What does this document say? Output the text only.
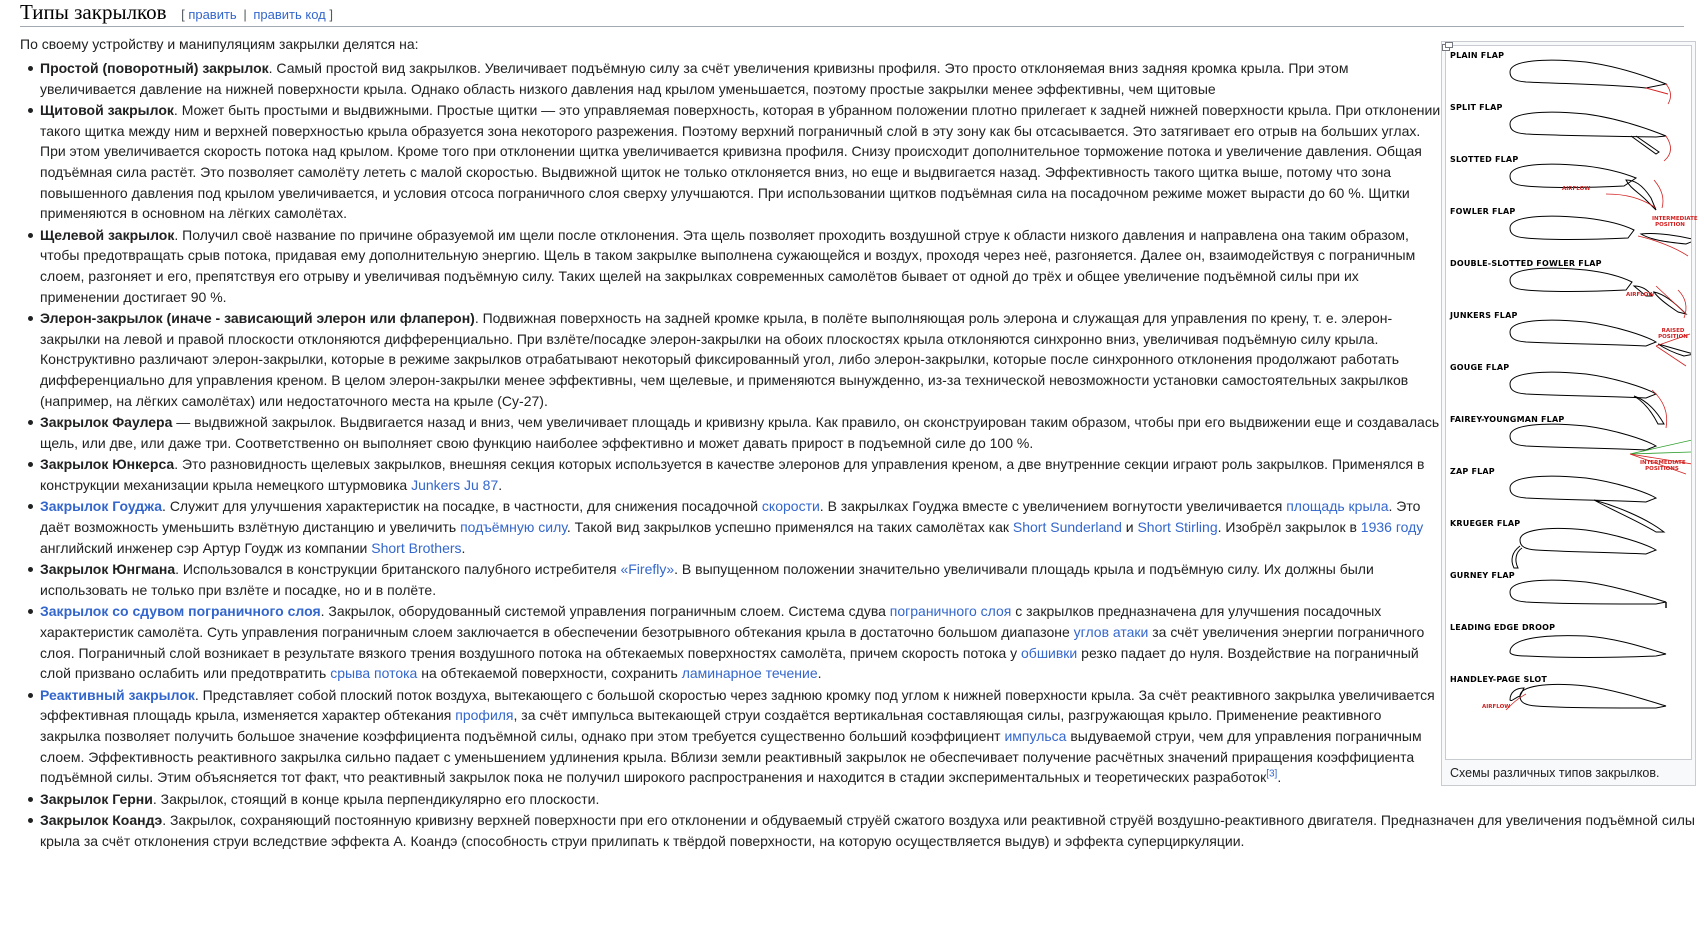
Типы закрылков [ править | править код ]
По своему устройству и манипуляциям закрылки делятся на:
Простой (поворотный) закрылок. Самый простой вид закрылков. Увеличивает подъёмную силу за счёт увеличения кривизны профиля. Это просто отклоняемая вниз задняя кромка крыла. При этом увеличивается давление на нижней поверхности крыла. Однако область низкого давления над крылом уменьшается, поэтому простые закрылки менее эффективны, чем щитовые
Щитовой закрылок. Может быть простыми и выдвижными. Простые щитки — это управляемая поверхность, которая в убранном положении плотно прилегает к задней нижней поверхности крыла. При отклонении такого щитка между ним и верхней поверхностью крыла образуется зона некоторого разрежения. Поэтому верхний пограничный слой в эту зону как бы отсасывается. Это затягивает его отрыв на больших углах. При этом увеличивается скорость потока над крылом. Кроме того при отклонении щитка увеличивается кривизна профиля. Снизу происходит дополнительное торможение потока и увеличение давления. Общая подъёмная сила растёт. Это позволяет самолёту лететь с малой скоростью. Выдвижной щиток не только отклоняется вниз, но еще и выдвигается назад. Эффективность такого щитка выше, потому что зона повышенного давления под крылом увеличивается, и условия отсоса пограничного слоя сверху улучшаются. При использовании щитков подъёмная сила на посадочном режиме может вырасти до 60 %. Щитки применяются в основном на лёгких самолётах.
Щелевой закрылок. Получил своё название по причине образуемой им щели после отклонения. Эта щель позволяет проходить воздушной струе к области низкого давления и направлена она таким образом, чтобы предотвращать срыв потока, придавая ему дополнительную энергию. Щель в таком закрылке выполнена сужающейся и воздух, проходя через неё, разгоняется. Далее он, взаимодействуя с пограничным слоем, разгоняет и его, препятствуя его отрыву и увеличивая подъёмную силу. Таких щелей на закрылках современных самолётов бывает от одной до трёх и общее увеличение подъёмной силы при их применении достигает 90 %.
Элерон-закрылок (иначе - зависающий элерон или флаперон). Подвижная поверхность на задней кромке крыла, в полёте выполняющая роль элерона и служащая для управления по крену, т. е. элерон-закрылки на левой и правой плоскости отклоняются дифференциально. При взлёте/посадке элерон-закрылки на обоих плоскостях крыла отклоняются синхронно вниз, увеличивая подъёмную силу крыла. Конструктивно различают элерон-закрылки, которые в режиме закрылков отрабатывают некоторый фиксированный угол, либо элерон-закрылки, которые после синхронного отклонения продолжают работать дифференциально для управления креном. В целом элерон-закрылки менее эффективны, чем щелевые, и применяются вынужденно, из-за технической невозможности установки самостоятельных закрылков (например, на лёгких самолётах) или недостаточного места на крыле (Су-27).
Закрылок Фаулера — выдвижной закрылок. Выдвигается назад и вниз, чем увеличивает площадь и кривизну крыла. Как правило, он сконструирован таким образом, чтобы при его выдвижении еще и создавалась щель, или две, или даже три. Соответственно он выполняет свою функцию наиболее эффективно и может давать прирост в подъемной силе до 100 %.
Закрылок Юнкерса. Это разновидность щелевых закрылков, внешняя секция которых используется в качестве элеронов для управления креном, а две внутренние секции играют роль закрылков. Применялся в конструкции механизации крыла немецкого штурмовика Junkers Ju 87.
Закрылок Гоуджа. Служит для улучшения характеристик на посадке, в частности, для снижения посадочной скорости. В закрылках Гоуджа вместе с увеличением вогнутости увеличивается площадь крыла. Это даёт возможность уменьшить взлётную дистанцию и увеличить подъёмную силу. Такой вид закрылков успешно применялся на таких самолётах как Short Sunderland и Short Stirling. Изобрёл закрылок в 1936 году английский инженер сэр Артур Гоудж из компании Short Brothers.
Закрылок Юнгмана. Использовался в конструкции британского палубного истребителя «Firefly». В выпущенном положении значительно увеличивали площадь крыла и подъёмную силу. Их должны были использовать не только при взлёте и посадке, но и в полёте.
Закрылок со сдувом пограничного слоя. Закрылок, оборудованный системой управления пограничным слоем. Система сдува пограничного слоя с закрылков предназначена для улучшения посадочных характеристик самолёта. Суть управления пограничным слоем заключается в обеспечении безотрывного обтекания крыла в достаточно большом диапазоне углов атаки за счёт увеличения энергии пограничного слоя. Пограничный слой возникает в результате вязкого трения воздушного потока на обтекаемых поверхностях самолёта, причем скорость потока у обшивки резко падает до нуля. Воздействие на пограничный слой призвано ослабить или предотвратить срыва потока на обтекаемой поверхности, сохранить ламинарное течение.
Реактивный закрылок. Представляет собой плоский поток воздуха, вытекающего с большой скоростью через заднюю кромку под углом к нижней поверхности крыла. За счёт реактивного закрылка увеличивается эффективная площадь крыла, изменяется характер обтекания профиля, за счёт импульса вытекающей струи создаётся вертикальная составляющая силы, разгружающая крыло. Применение реактивного закрылка позволяет получить большое значение коэффициента подъёмной силы, однако при этом требуется существенно больший коэффициент импульса выдуваемой струи, чем для управления пограничным слоем. Эффективность реактивного закрылка сильно падает с уменьшением удлинения крыла. Вблизи земли реактивный закрылок не обеспечивает получение расчётных значений приращения коэффициента подъёмной силы. Этим объясняется тот факт, что реактивный закрылок пока не получил широкого распространения и находится в стадии экспериментальных и теоретических разработок[3].
Закрылок Герни. Закрылок, стоящий в конце крыла перпендикулярно его плоскости.
Закрылок Коандэ. Закрылок, сохраняющий постоянную кривизну верхней поверхности при его отклонении и обдуваемый струёй сжатого воздуха или реактивной струёй воздушно-реактивного двигателя. Предназначен для увеличения подъёмной силы крыла за счёт отклонения струи вследствие эффекта А. Коандэ (способность струи прилипать к твёрдой поверхности, на которую осуществляется выдув) и эффекта суперциркуляции.
PLAIN FLAP
SPLIT FLAP
SLOTTED FLAP
FOWLER FLAP
DOUBLE-SLOTTED FOWLER FLAP
JUNKERS FLAP
GOUGE FLAP
FAIREY-YOUNGMAN FLAP
ZAP FLAP
KRUEGER FLAP
GURNEY FLAP
LEADING EDGE DROOP
HANDLEY-PAGE SLOT
AIRFLOW
INTERMEDIATE POSITION
AIRFLOW
RAISED POSITION
INTERMEDIATE POSITIONS
AIRFLOW
Схемы различных типов закрылков.
